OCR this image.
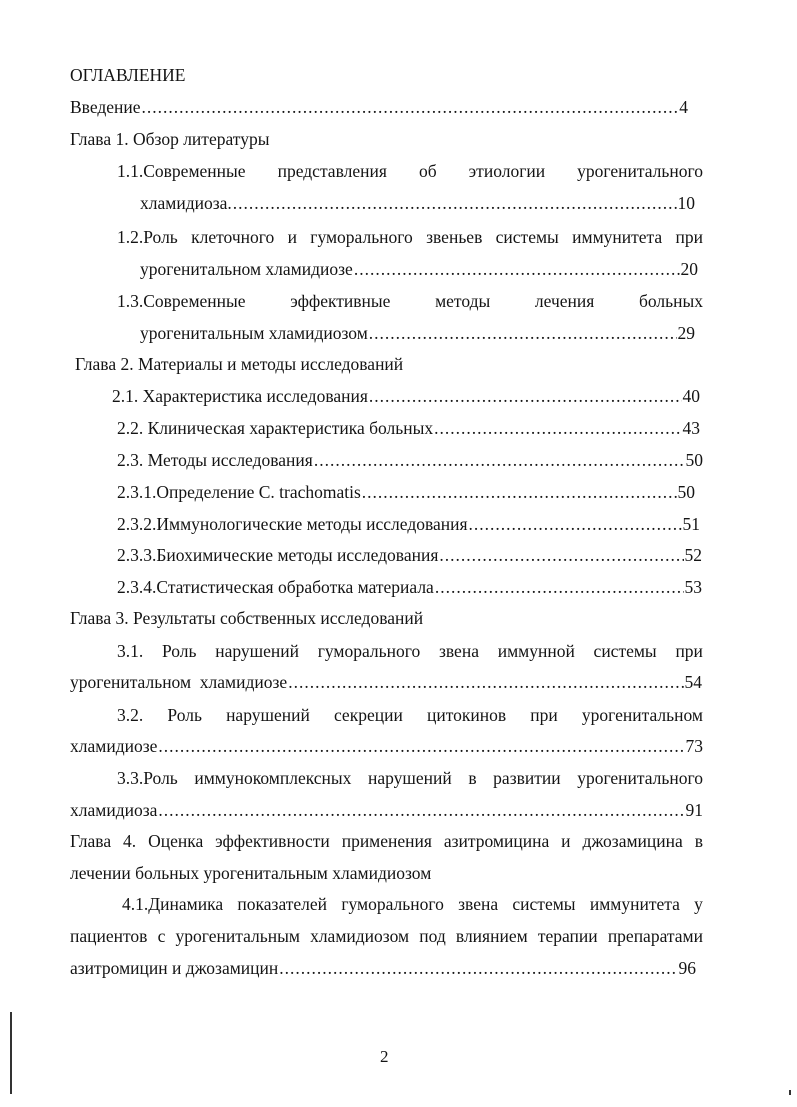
ОГЛАВЛЕНИЕ
Введение .....	4
Глава 1. Обзор литературы
1.1.Современные представления об этиологии урогенитального
хламидиоза. .....	10
1.2.Роль клеточного и гуморального звеньев системы иммунитета при
урогенитальном хламидиозе .....	20
1.3.Современные	эффективные	методы	лечения	больных
урогенитальным хламидиозом .....	29
Глава 2. Материалы и методы исследований
2.1. Характеристика исследования .....	40
2.2. Клиническая характеристика больных .....	43
2.3. Методы исследования .....	50
2.3.1.Определение C. trachomatis .....	50
2.3.2.Иммунологические методы исследования .....	51
2.3.3.Биохимические методы исследования .....	52
2.3.4.Статистическая обработка материала .....	53
Глава 3. Результаты собственных исследований
3.1. Роль нарушений гуморального звена иммунной системы при
урогенитальном  хламидиозе .....	54
3.2. Роль нарушений секреции цитокинов при урогенитальном
хламидиозе .....	73
3.3.Роль иммунокомплексных нарушений в развитии урогенитального
хламидиоза .....	91
Глава 4. Оценка эффективности применения азитромицина и джозамицина в
лечении больных урогенитальным хламидиозом
4.1.Динамика показателей гуморального звена системы иммунитета у
пациентов с урогенитальным хламидиозом под влиянием терапии препаратами
азитромицин и джозамицин .....	96
2
